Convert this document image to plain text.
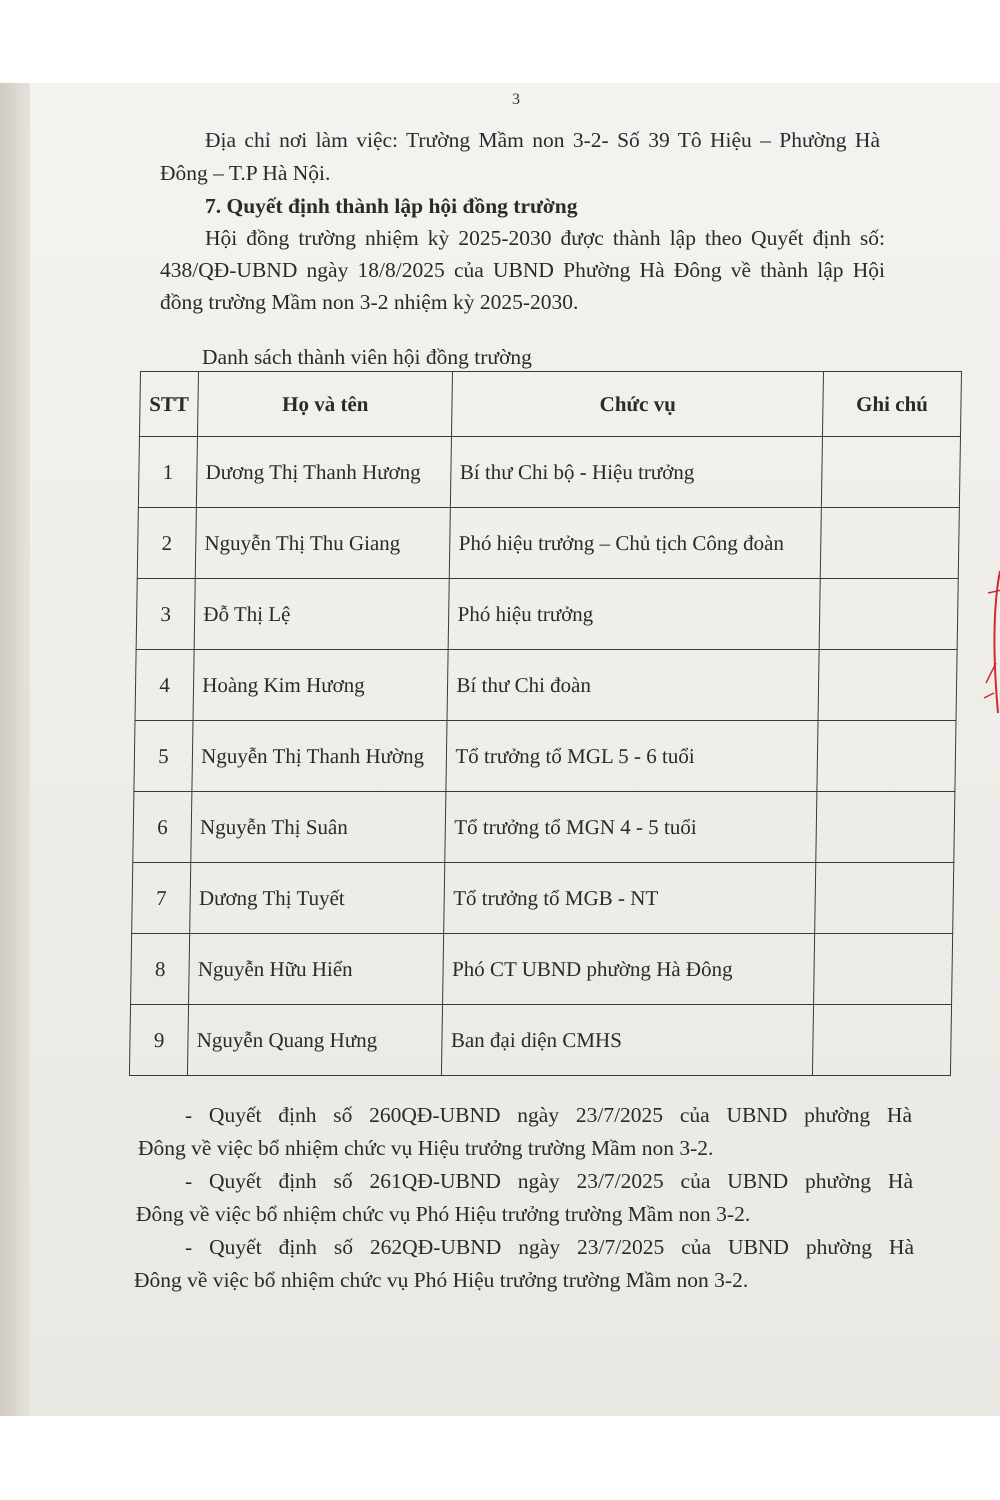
3
Địa chỉ nơi làm việc: Trường Mầm non 3-2- Số 39 Tô Hiệu – Phường Hà
Đông – T.P Hà Nội.
7. Quyết định thành lập hội đồng trường
Hội đồng trường nhiệm kỳ 2025-2030 được thành lập theo Quyết định số:
438/QĐ-UBND ngày 18/8/2025 của UBND Phường Hà Đông về thành lập Hội
đồng trường Mầm non 3-2 nhiệm kỳ 2025-2030.
Danh sách thành viên hội đồng trường
STT	Họ và tên	Chức vụ	Ghi chú
1	Dương Thị Thanh Hương	Bí thư Chi bộ - Hiệu trưởng	
2	Nguyễn Thị Thu Giang	Phó hiệu trưởng – Chủ tịch Công đoàn	
3	Đỗ Thị Lệ	Phó hiệu trưởng	
4	Hoàng Kim Hương	Bí thư Chi đoàn	
5	Nguyễn Thị Thanh Hường	Tổ trưởng tổ MGL 5 - 6 tuổi	
6	Nguyễn Thị Suân	Tổ trưởng tổ MGN 4 - 5 tuổi	
7	Dương Thị Tuyết	Tổ trưởng tổ MGB - NT	
8	Nguyễn Hữu Hiển	Phó CT UBND phường Hà Đông	
9	Nguyễn Quang Hưng	Ban đại diện CMHS	
- Quyết định số 260QĐ-UBND ngày 23/7/2025 của UBND phường Hà
Đông về việc bổ nhiệm chức vụ Hiệu trưởng trường Mầm non 3-2.
- Quyết định số 261QĐ-UBND ngày 23/7/2025 của UBND phường Hà
Đông về việc bổ nhiệm chức vụ Phó Hiệu trưởng trường Mầm non 3-2.
- Quyết định số 262QĐ-UBND ngày 23/7/2025 của UBND phường Hà
Đông về việc bổ nhiệm chức vụ Phó Hiệu trưởng trường Mầm non 3-2.
